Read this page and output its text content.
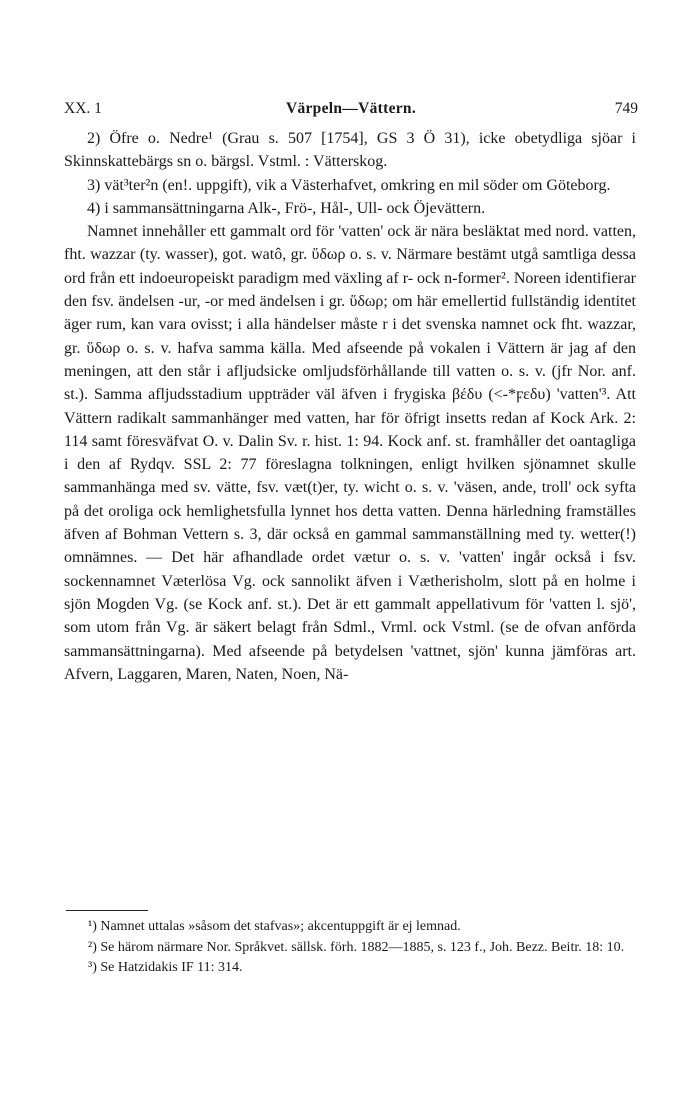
XX. 1	Värpeln—Vättern.	749

2) Öfre o. Nedre¹ (Grau s. 507 [1754], GS 3 Ö 31), icke obetydliga sjöar i Skinnskattebärgs sn o. bärgsl. Vstml. : Vätterskog.

3) vät³ter²n (en!. uppgift), vik a Västerhafvet, omkring en mil söder om Göteborg.

4) i sammansättningarna Alk-, Frö-, Hål-, Ull- ock Öjevättern.

Namnet innehåller ett gammalt ord för 'vatten' ock är nära besläktat med nord. vatten, fht. wazzar (ty. wasser), got. watô, gr. ὕδωρ o. s. v. Närmare bestämt utgå samtliga dessa ord från ett indoeuropeiskt paradigm med växling af r- ock n-former². Noreen identifierar den fsv. ändelsen -ur, -or med ändelsen i gr. ὕδωρ; om här emellertid fullständig identitet äger rum, kan vara ovisst; i alla händelser måste r i det svenska namnet ock fht. wazzar, gr. ὕδωρ o. s. v. hafva samma källa. Med afseende på vokalen i Vättern är jag af den meningen, att den står i afljudsicke omljudsförhållande till vatten o. s. v. (jfr Nor. anf. st.). Samma afljudsstadium uppträder väl äfven i frygiska βέδυ (<-*ϝεδυ) 'vatten'³. Att Vättern radikalt sammanhänger med vatten, har för öfrigt insetts redan af Kock Ark. 2: 114 samt föresväfvat O. v. Dalin Sv. r. hist. 1: 94. Kock anf. st. framhåller det oantagliga i den af Rydqv. SSL 2: 77 föreslagna tolkningen, enligt hvilken sjönamnet skulle sammanhänga med sv. vätte, fsv. væt(t)er, ty. wicht o. s. v. 'väsen, ande, troll' ock syfta på det oroliga ock hemlighetsfulla lynnet hos detta vatten. Denna härledning framställes äfven af Bohman Vettern s. 3, där också en gammal sammanställning med ty. wetter(!) omnämnes. — Det här afhandlade ordet vætur o. s. v. 'vatten' ingår också i fsv. sockennamnet Væterlösa Vg. ock sannolikt äfven i Vætherisholm, slott på en holme i sjön Mogden Vg. (se Kock anf. st.). Det är ett gammalt appellativum för 'vatten l. sjö', som utom från Vg. är säkert belagt från Sdml., Vrml. ock Vstml. (se de ofvan anförda sammansättningarna). Med afseende på betydelsen 'vattnet, sjön' kunna jämföras art. Afvern, Laggaren, Maren, Naten, Noen, Nä-

¹) Namnet uttalas »såsom det stafvas»; akcentuppgift är ej lemnad.

²) Se härom närmare Nor. Språkvet. sällsk. förh. 1882—1885, s. 123 f., Joh. Bezz. Beitr. 18: 10.

³) Se Hatzidakis IF 11: 314.
